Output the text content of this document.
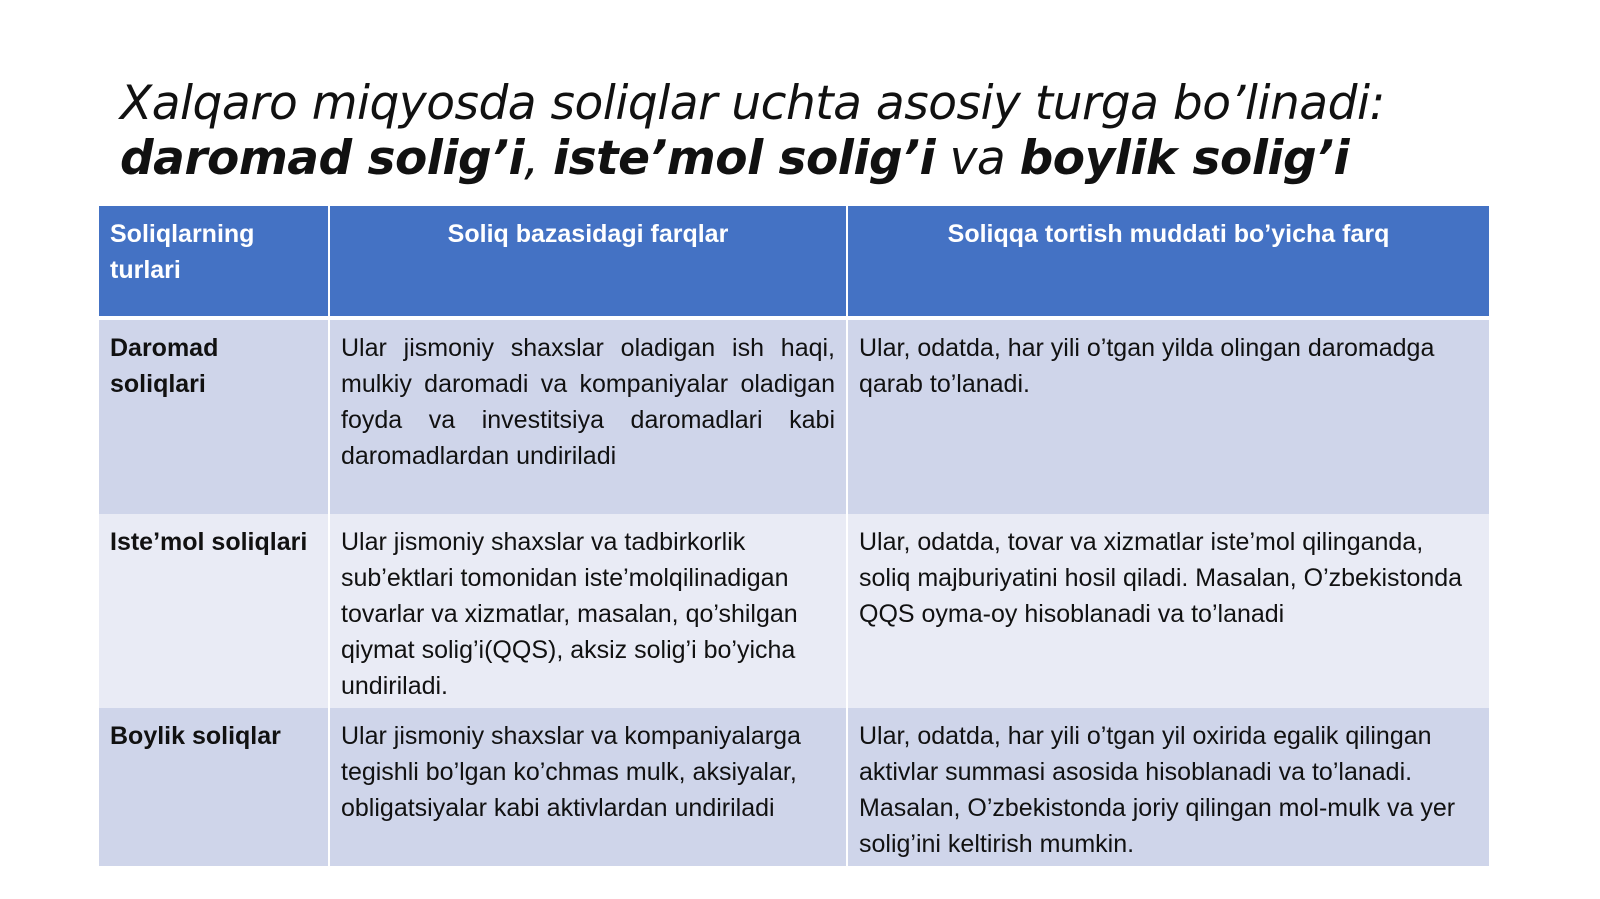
Xalqaro miqyosda soliqlar uchta asosiy turga bo’linadi:
daromad solig’i, iste’mol solig’i va boylik solig’i
Soliqlarning turlari	Soliq bazasidagi farqlar	Soliqqa tortish muddati bo’yicha farq
Daromad soliqlari	Ular jismoniy shaxslar oladigan ish haqi, mulkiy daromadi va kompaniyalar oladigan foyda va investitsiya daromadlari kabi daromadlardan undiriladi	Ular, odatda, har yili o’tgan yilda olingan daromadga qarab to’lanadi.
Iste’mol soliqlari	Ular jismoniy shaxslar va tadbirkorlik sub’ektlari tomonidan iste’molqilinadigan tovarlar va xizmatlar, masalan, qo’shilgan qiymat solig’i(QQS), aksiz solig’i bo’yicha undiriladi.	Ular, odatda, tovar va xizmatlar iste’mol qilinganda, soliq majburiyatini hosil qiladi. Masalan, O’zbekistonda QQS oyma-oy hisoblanadi va to’lanadi
Boylik soliqlar	Ular jismoniy shaxslar va kompaniyalarga tegishli bo’lgan ko’chmas mulk, aksiyalar, obligatsiyalar kabi aktivlardan undiriladi	Ular, odatda, har yili o’tgan yil oxirida egalik qilingan aktivlar summasi asosida hisoblanadi va to’lanadi. Masalan, O’zbekistonda joriy qilingan mol-mulk va yer solig’ini keltirish mumkin.
